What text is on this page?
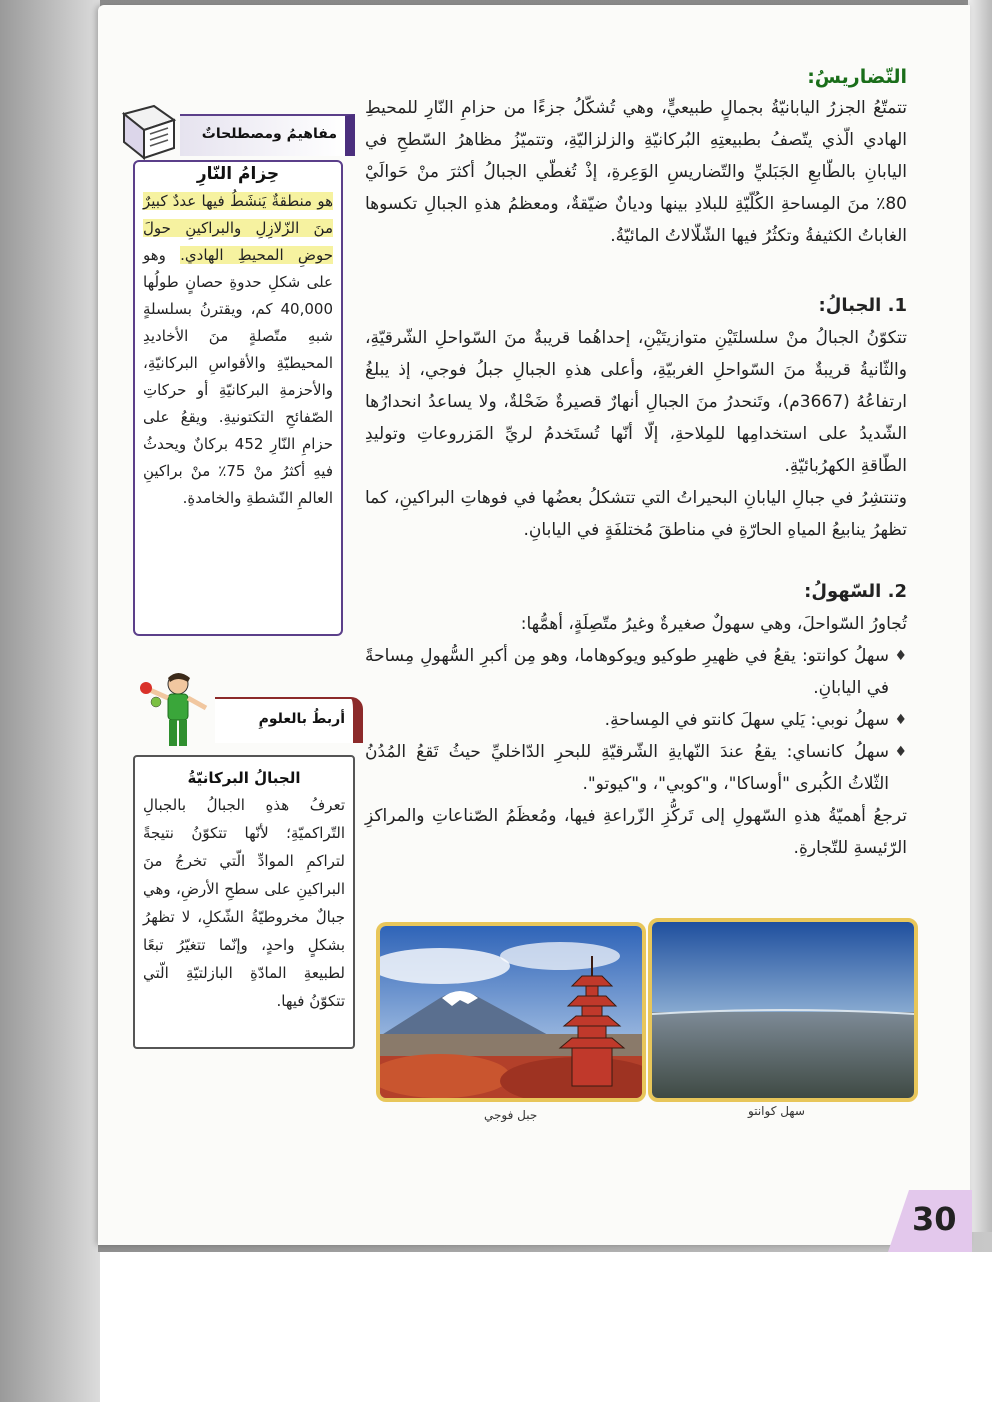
التّضاريسُ:

تتمتّعُ الجزرُ اليابانيّةُ بجمالٍ طبيعيٍّ، وهي تُشكّلُ جزءًا من حزامِ النّارِ للمحيطِ الهادي الّذي يتّصفُ بطبيعتِهِ البُركانيّةِ والزلزاليّةِ، وتتميّزُ مظاهرُ السّطحِ في اليابانِ بالطّابعِ الجَبَليِّ والتّضاريسِ الوَعِرةِ، إذْ تُغطّي الجبالُ أكثرَ منْ حَوالَيْ 80٪ منَ المِساحةِ الكُلّيّةِ للبلادِ بينها وديانٌ ضيّقةٌ، ومعظمُ هذهِ الجبالِ تكسوها الغاباتُ الكثيفةُ وتكثُرُ فيها الشّلّالاتُ المائيّةُ.

1. الجبالُ:

تتكوّنُ الجبالُ منْ سلسلتَيْنِ متوازيتَيْنِ، إحداهُما قريبةٌ منَ السّواحلِ الشّرقيّةِ، والثّانيةُ قريبةٌ منَ السّواحلِ الغربيّةِ، وأعلى هذهِ الجبالِ جبلُ فوجي، إذ يبلغُ ارتفاعُهُ (3667م)، وتَنحدرُ منَ الجبالِ أنهارٌ قصيرةٌ ضَحْلةٌ، ولا يساعدُ انحدارُها الشّديدُ على استخدامِها للمِلاحةِ، إلّا أنّها تُستَخدمُ لريِّ المَزروعاتِ وتوليدِ الطّاقةِ الكهرُبائيّةِ.

وتنتشِرُ في جبالِ اليابانِ البحيراتُ التي تتشكلُ بعضُها في فوهاتِ البراكينِ، كما تظهرُ ينابيعُ المياهِ الحارّةِ في مناطقَ مُختلفَةٍ في اليابانِ.

2. السّهولُ:

تُجاورُ السّواحلَ، وهي سهولٌ صغيرةٌ وغيرُ متّصِلَةٍ، أهمُّها:

♦ سهلُ كوانتو: يقعُ في ظهيرِ طوكيو ويوكوهاما، وهو مِن أكبرِ السُّهولِ مِساحةً في اليابانِ.
♦ سهلُ نوبي: يَلي سهلَ كانتو في المِساحةِ.
♦ سهلُ كانساي: يقعُ عندَ النّهايةِ الشّرقيّةِ للبحرِ الدّاخليِّ حيثُ تَقعُ المُدُنُ الثّلاثُ الكُبرى "أوساكا"، و"كوبي"، و"كيوتو".

ترجعُ أهميّةُ هذهِ السّهولِ إلى تَركُّزِ الزّراعةِ فيها، ومُعظَمُ الصّناعاتِ والمراكزِ الرّئيسةِ للتّجارةِ.

مفاهيمُ ومصطلحاتٌ

حِزامُ النّارِ

هو منطقةٌ يَنشَطُ فيها عددٌ كبيرٌ منَ الزّلازِلِ والبراكينِ حولَ حوضِ المحيطِ الهادي. وهو على شكلِ حدوةِ حصانٍ طولُها 40,000 كم، ويقترنُ بسلسلةٍ شبهِ متّصلةٍ منَ الأخاديدِ المحيطيّةِ والأقواسِ البركانيّةِ، والأحزمةِ البركانيّةِ أو حركاتِ الصّفائحِ التكتونيةِ. ويقعُ على حزامِ النّارِ 452 بركانٌ ويحدثُ فيهِ أكثرُ منْ 75٪ منْ براكينِ العالمِ النّشطةِ والخامدةِ.

أربطُ بالعلومِ

الجبالُ البركانيّةُ

تعرفُ هذهِ الجبالُ بالجبالِ التّراكميّةِ؛ لأنّها تتكوّنُ نتيجةً لتراكمِ الموادِّ الّتي تخرجُ منَ البراكينِ على سطحِ الأرضِ، وهي جبالٌ مخروطيّةُ الشّكلِ، لا تظهرُ بشكلٍ واحدٍ، وإنّما تتغيّرُ تبعًا لطبيعةِ المادّةِ البازلتيّةِ الّتي تتكوّنُ فيها.

جبل فوجي	سهل كوانتو
30
